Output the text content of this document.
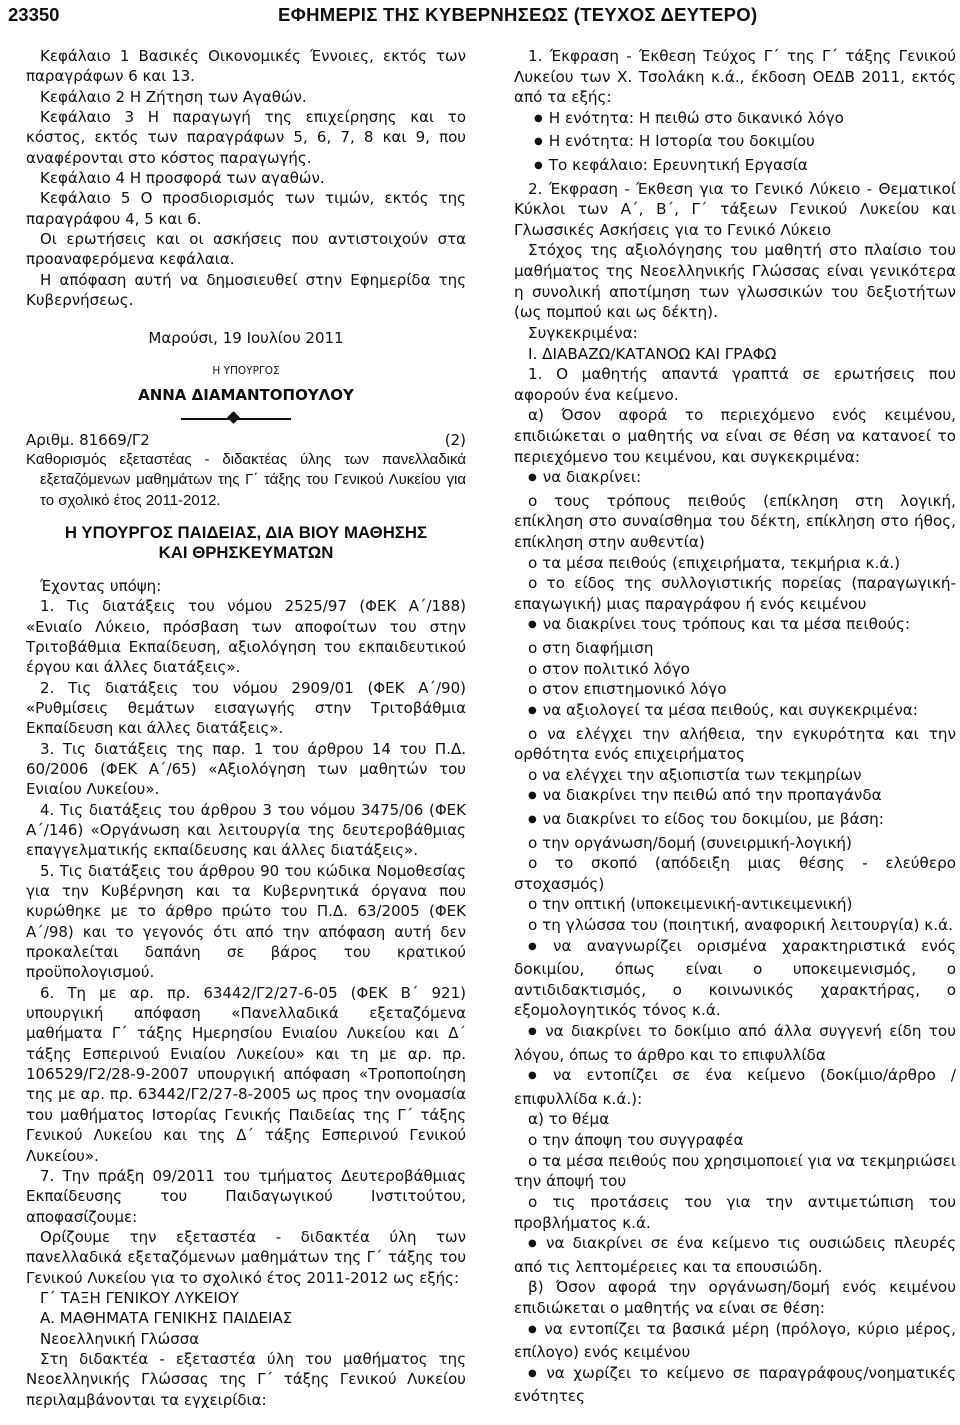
23350	ΕΦΗΜΕΡΙΣ ΤΗΣ ΚΥΒΕΡΝΗΣΕΩΣ (ΤΕΥΧΟΣ ΔΕΥΤΕΡΟ)

Κεφάλαιο 1 Βασικές Οικονομικές Έννοιες, εκτός των παραγράφων 6 και 13.

Κεφάλαιο 2 Η Ζήτηση των Αγαθών.

Κεφάλαιο 3 Η παραγωγή της επιχείρησης και το κόστος, εκτός των παραγράφων 5, 6, 7, 8 και 9, που αναφέρονται στο κόστος παραγωγής.

Κεφάλαιο 4 Η προσφορά των αγαθών.

Κεφάλαιο 5 Ο προσδιορισμός των τιμών, εκτός της παραγράφου 4, 5 και 6.

Οι ερωτήσεις και οι ασκήσεις που αντιστοιχούν στα προαναφερόμενα κεφάλαια.

Η απόφαση αυτή να δημοσιευθεί στην Εφημερίδα της Κυβερνήσεως.

Μαρούσι, 19 Ιουλίου 2011

Η ΥΠΟΥΡΓΟΣ

ΑΝΝΑ ΔΙΑΜΑΝΤΟΠΟΥΛΟΥ

Αριθμ. 81669/Γ2	(2)

Καθορισμός εξεταστέας - διδακτέας ύλης των πανελλαδικά εξεταζόμενων μαθημάτων της Γ΄ τάξης του Γενικού Λυκείου για το σχολικό έτος 2011-2012.

Η ΥΠΟΥΡΓΟΣ ΠΑΙΔΕΙΑΣ, ΔΙΑ ΒΙΟΥ ΜΑΘΗΣΗΣ
ΚΑΙ ΘΡΗΣΚΕΥΜΑΤΩΝ

Έχοντας υπόψη:

1. Τις διατάξεις του νόμου 2525/97 (ΦΕΚ Α΄/188) «Ενιαίο Λύκειο, πρόσβαση των αποφοίτων του στην Τριτοβάθμια Εκπαίδευση, αξιολόγηση του εκπαιδευτικού έργου και άλλες διατάξεις».

2. Τις διατάξεις του νόμου 2909/01 (ΦΕΚ Α΄/90) «Ρυθμίσεις θεμάτων εισαγωγής στην Τριτοβάθμια Εκπαίδευση και άλλες διατάξεις».

3. Τις διατάξεις της παρ. 1 του άρθρου 14 του Π.Δ. 60/2006 (ΦΕΚ Α΄/65) «Αξιολόγηση των μαθητών του Ενιαίου Λυκείου».

4. Τις διατάξεις του άρθρου 3 του νόμου 3475/06 (ΦΕΚ Α΄/146) «Οργάνωση και λειτουργία της δευτεροβάθμιας επαγγελματικής εκπαίδευσης και άλλες διατάξεις».

5. Τις διατάξεις του άρθρου 90 του κώδικα Νομοθεσίας για την Κυβέρνηση και τα Κυβερνητικά όργανα που κυρώθηκε με το άρθρο πρώτο του Π.Δ. 63/2005 (ΦΕΚ Α΄/98) και το γεγονός ότι από την απόφαση αυτή δεν προκαλείται δαπάνη σε βάρος του κρατικού προϋπολογισμού.

6. Τη με αρ. πρ. 63442/Γ2/27-6-05 (ΦΕΚ Β΄ 921) υπουργική απόφαση «Πανελλαδικά εξεταζόμενα μαθήματα Γ΄ τάξης Ημερησίου Ενιαίου Λυκείου και Δ΄ τάξης Εσπερινού Ενιαίου Λυκείου» και τη με αρ. πρ. 106529/Γ2/28-9-2007 υπουργική απόφαση «Τροποποίηση της με αρ. πρ. 63442/Γ2/27-8-2005 ως προς την ονομασία του μαθήματος Ιστορίας Γενικής Παιδείας της Γ΄ τάξης Γενικού Λυκείου και της Δ΄ τάξης Εσπερινού Γενικού Λυκείου».

7. Την πράξη 09/2011 του τμήματος Δευτεροβάθμιας Εκπαίδευσης του Παιδαγωγικού Ινστιτούτου, αποφασίζουμε:

Ορίζουμε την εξεταστέα - διδακτέα ύλη των πανελλαδικά εξεταζόμενων μαθημάτων της Γ΄ τάξης του Γενικού Λυκείου για το σχολικό έτος 2011-2012 ως εξής:

Γ΄ ΤΑΞΗ ΓΕΝΙΚΟΥ ΛΥΚΕΙΟΥ

Α. ΜΑΘΗΜΑΤΑ ΓΕΝΙΚΗΣ ΠΑΙΔΕΙΑΣ

Νεοελληνική Γλώσσα

Στη διδακτέα - εξεταστέα ύλη του μαθήματος της Νεοελληνικής Γλώσσας της Γ΄ τάξης Γενικού Λυκείου περιλαμβάνονται τα εγχειρίδια:

1. Έκφραση - Έκθεση Τεύχος Γ΄ της Γ΄ τάξης Γενικού Λυκείου των Χ. Τσολάκη κ.ά., έκδοση ΟΕΔΒ 2011, εκτός από τα εξής:

● Η ενότητα: Η πειθώ στο δικανικό λόγο

● Η ενότητα: Η Ιστορία του δοκιμίου

● Το κεφάλαιο: Ερευνητική Εργασία

2. Έκφραση - Έκθεση για το Γενικό Λύκειο - Θεματικοί Κύκλοι των Α΄, Β΄, Γ΄ τάξεων Γενικού Λυκείου και Γλωσσικές Ασκήσεις για το Γενικό Λύκειο

Στόχος της αξιολόγησης του μαθητή στο πλαίσιο του μαθήματος της Νεοελληνικής Γλώσσας είναι γενικότερα η συνολική αποτίμηση των γλωσσικών του δεξιοτήτων (ως πομπού και ως δέκτη).

Συγκεκριμένα:

Ι. ΔΙΑΒΑΖΩ/ΚΑΤΑΝΟΩ ΚΑΙ ΓΡΑΦΩ

1. Ο μαθητής απαντά γραπτά σε ερωτήσεις που αφορούν ένα κείμενο.

α) Όσον αφορά το περιεχόμενο ενός κειμένου, επιδιώκεται ο μαθητής να είναι σε θέση να κατανοεί το περιεχόμενο του κειμένου, και συγκεκριμένα:

● να διακρίνει:

ο τους τρόπους πειθούς (επίκληση στη λογική, επίκληση στο συναίσθημα του δέκτη, επίκληση στο ήθος, επίκληση στην αυθεντία)

ο τα μέσα πειθούς (επιχειρήματα, τεκμήρια κ.ά.)

ο το είδος της συλλογιστικής πορείας (παραγωγική-επαγωγική) μιας παραγράφου ή ενός κειμένου

● να διακρίνει τους τρόπους και τα μέσα πειθούς:

ο στη διαφήμιση

ο στον πολιτικό λόγο

ο στον επιστημονικό λόγο

● να αξιολογεί τα μέσα πειθούς, και συγκεκριμένα:

ο να ελέγχει την αλήθεια, την εγκυρότητα και την ορθότητα ενός επιχειρήματος

ο να ελέγχει την αξιοπιστία των τεκμηρίων

● να διακρίνει την πειθώ από την προπαγάνδα

● να διακρίνει το είδος του δοκιμίου, με βάση:

ο την οργάνωση/δομή (συνειρμική-λογική)

ο το σκοπό (απόδειξη μιας θέσης - ελεύθερο στοχασμός)

ο την οπτική (υποκειμενική-αντικειμενική)

ο τη γλώσσα του (ποιητική, αναφορική λειτουργία) κ.ά.

● να αναγνωρίζει ορισμένα χαρακτηριστικά ενός δοκιμίου, όπως είναι ο υποκειμενισμός, ο αντιδιδακτισμός, ο κοινωνικός χαρακτήρας, ο εξομολογητικός τόνος κ.ά.

● να διακρίνει το δοκίμιο από άλλα συγγενή είδη του λόγου, όπως το άρθρο και το επιφυλλίδα

● να εντοπίζει σε ένα κείμενο (δοκίμιο/άρθρο /επιφυλλίδα κ.ά.):

α) το θέμα

ο την άποψη του συγγραφέα

ο τα μέσα πειθούς που χρησιμοποιεί για να τεκμηριώσει την άποψή του

ο τις προτάσεις του για την αντιμετώπιση του προβλήματος κ.ά.

● να διακρίνει σε ένα κείμενο τις ουσιώδεις πλευρές από τις λεπτομέρειες και τα επουσιώδη.

β) Όσον αφορά την οργάνωση/δομή ενός κειμένου επιδιώκεται ο μαθητής να είναι σε θέση:

● να εντοπίζει τα βασικά μέρη (πρόλογο, κύριο μέρος, επίλογο) ενός κειμένου

● να χωρίζει το κείμενο σε παραγράφους/νοηματικές ενότητες
